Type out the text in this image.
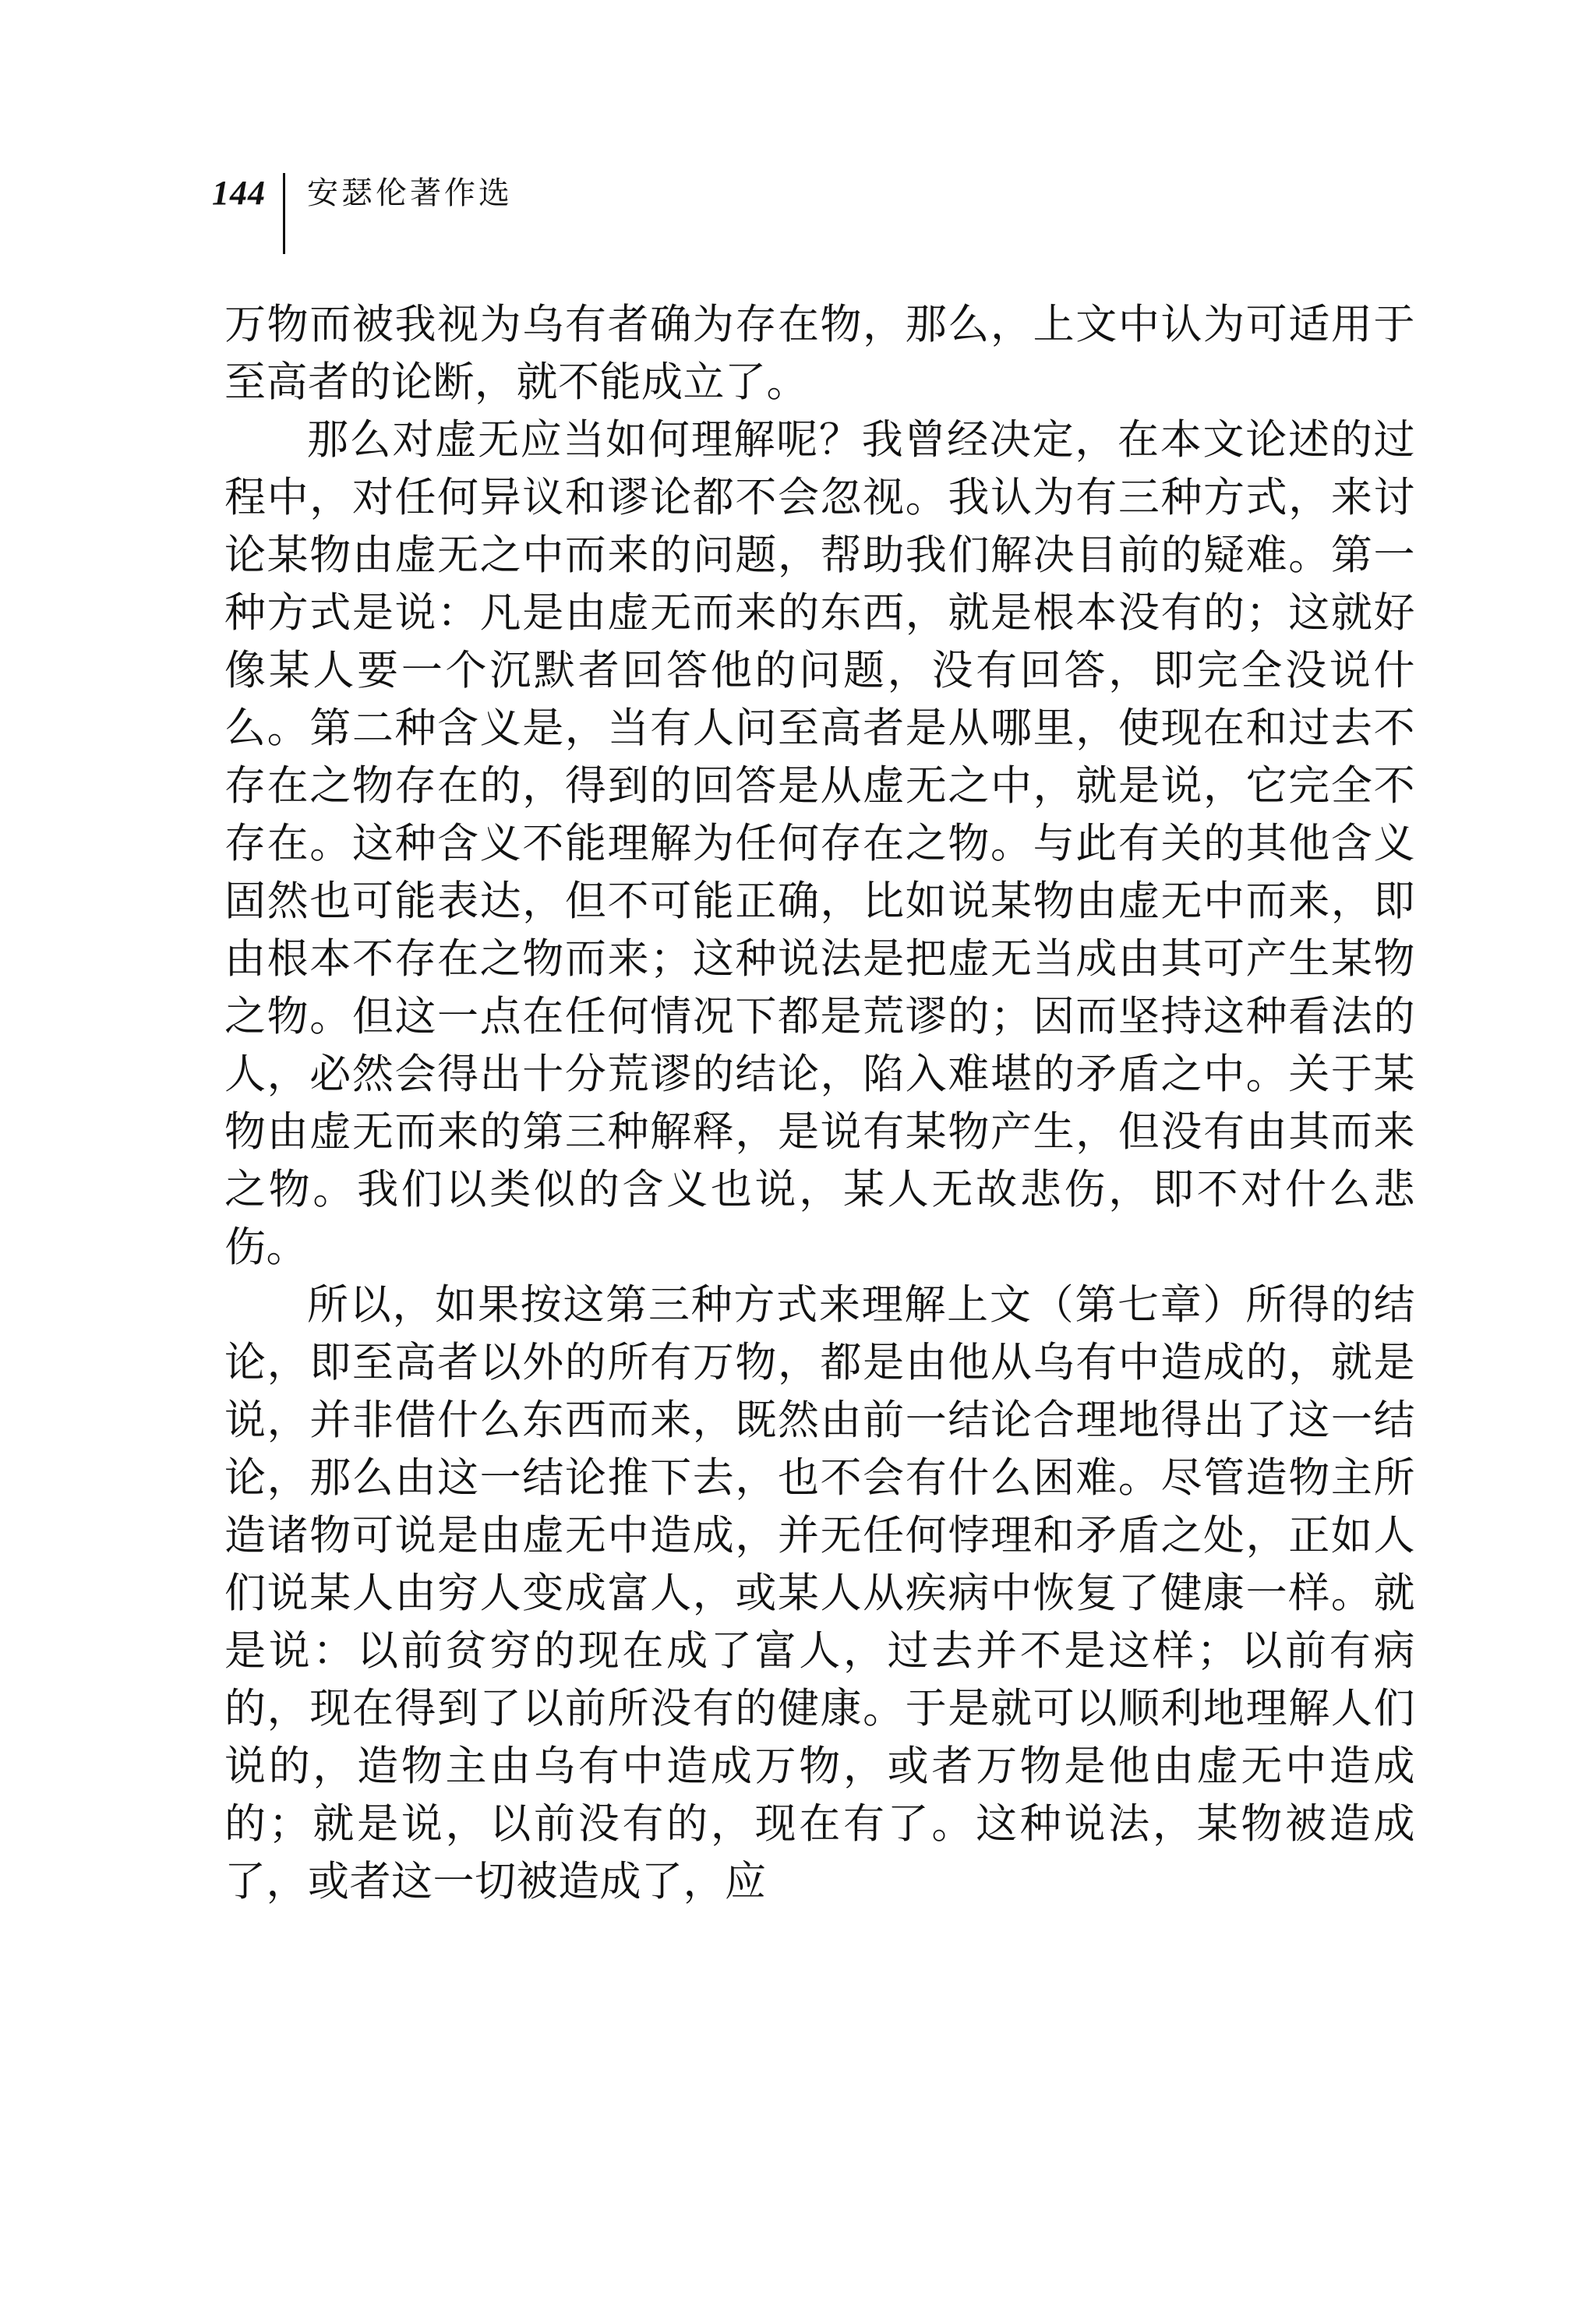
144 安瑟伦著作选

万物而被我视为乌有者确为存在物，那么，上文中认为可适用于至高者的论断，就不能成立了。

那么对虚无应当如何理解呢？我曾经决定，在本文论述的过程中，对任何异议和谬论都不会忽视。我认为有三种方式，来讨论某物由虚无之中而来的问题，帮助我们解决目前的疑难。第一种方式是说：凡是由虚无而来的东西，就是根本没有的；这就好像某人要一个沉默者回答他的问题，没有回答，即完全没说什么。第二种含义是，当有人问至高者是从哪里，使现在和过去不存在之物存在的，得到的回答是从虚无之中，就是说，它完全不存在。这种含义不能理解为任何存在之物。与此有关的其他含义固然也可能表达，但不可能正确，比如说某物由虚无中而来，即由根本不存在之物而来；这种说法是把虚无当成由其可产生某物之物。但这一点在任何情况下都是荒谬的；因而坚持这种看法的人，必然会得出十分荒谬的结论，陷入难堪的矛盾之中。关于某物由虚无而来的第三种解释，是说有某物产生，但没有由其而来之物。我们以类似的含义也说，某人无故悲伤，即不对什么悲伤。

所以，如果按这第三种方式来理解上文（第七章）所得的结论，即至高者以外的所有万物，都是由他从乌有中造成的，就是说，并非借什么东西而来，既然由前一结论合理地得出了这一结论，那么由这一结论推下去，也不会有什么困难。尽管造物主所造诸物可说是由虚无中造成，并无任何悖理和矛盾之处，正如人们说某人由穷人变成富人，或某人从疾病中恢复了健康一样。就是说：以前贫穷的现在成了富人，过去并不是这样；以前有病的，现在得到了以前所没有的健康。于是就可以顺利地理解人们说的，造物主由乌有中造成万物，或者万物是他由虚无中造成的；就是说，以前没有的，现在有了。这种说法，某物被造成了，或者这一切被造成了，应
